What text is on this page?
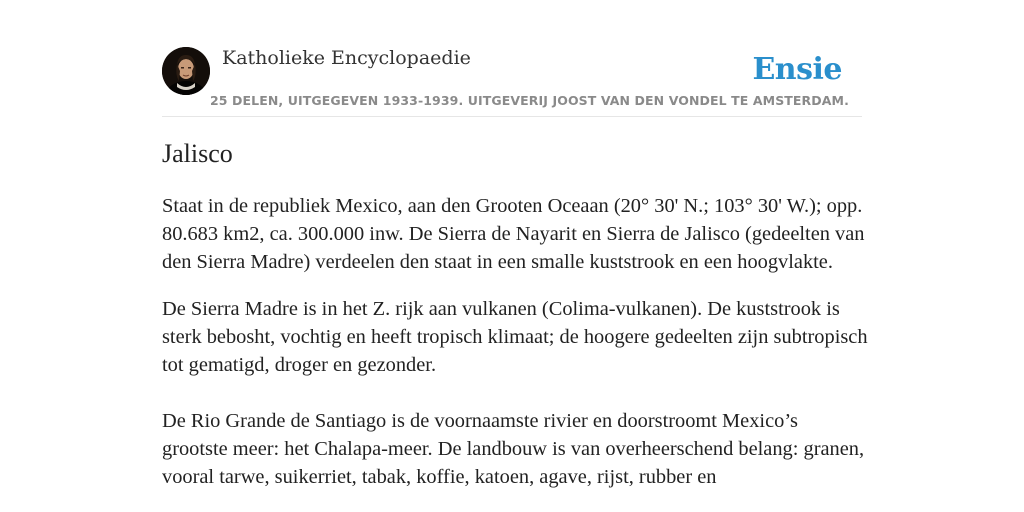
Katholieke Encyclopaedie
25 DELEN, UITGEGEVEN 1933-1939. UITGEVERIJ JOOST VAN DEN VONDEL TE AMSTERDAM.
Ensie
Jalisco

Staat in de republiek Mexico, aan den Grooten Oceaan (20° 30' N.; 103° 30' W.); opp. 80.683 km2, ca. 300.000 inw. De Sierra de Nayarit en Sierra de Jalisco (gedeelten van den Sierra Madre) verdeelen den staat in een smalle kuststrook en een hoogvlakte.

De Sierra Madre is in het Z. rijk aan vulkanen (Colima-vulkanen). De kuststrook is sterk bebosht, vochtig en heeft tropisch klimaat; de hoogere gedeelten zijn subtropisch tot gematigd, droger en gezonder.

De Rio Grande de Santiago is de voornaamste rivier en doorstroomt Mexico’s grootste meer: het Chalapa-meer. De landbouw is van overheerschend belang: granen, vooral tarwe, suikerriet, tabak, koffie, katoen, agave, rijst, rubber en
